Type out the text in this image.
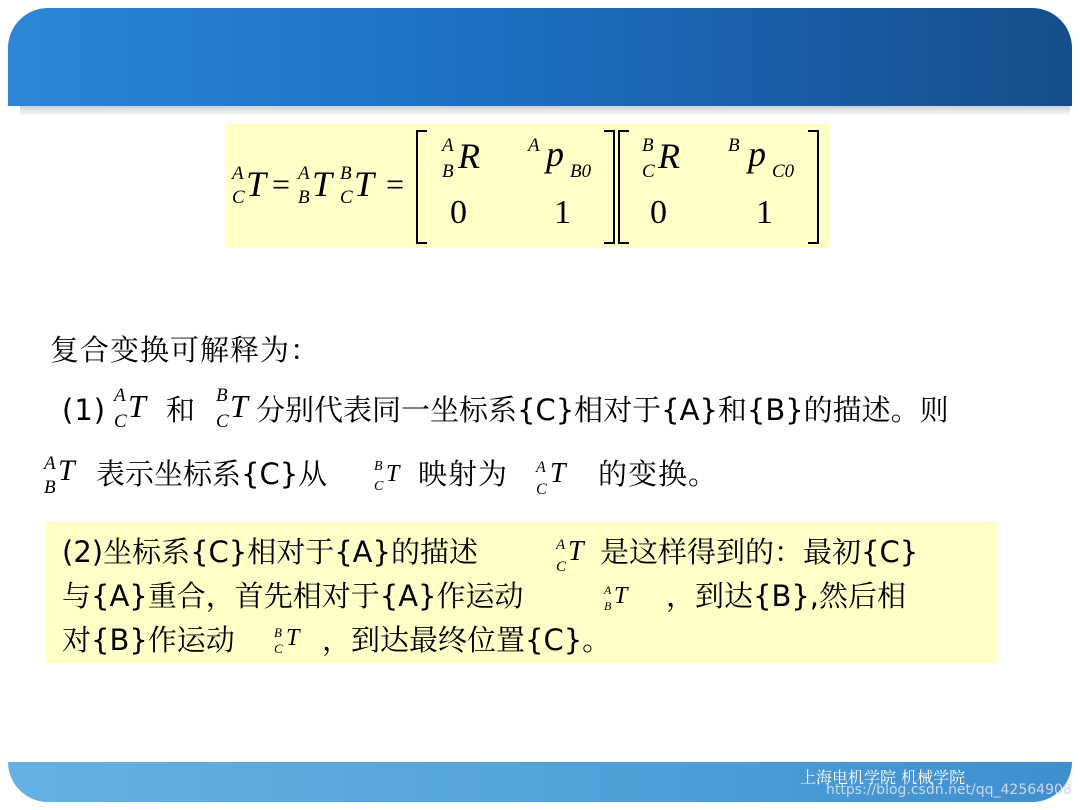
A
C T = A
B T B
C T =
A
B R	A p B0
0	1
B
C R	B p C0
0	1
复合变换可解释为：
(1) A
C T 和 B
C T 分别代表同一坐标系{C}相对于{A}和{B}的描述。则
A
B
T 表示坐标系{C}从	B
C T 映射为 A
C
T 的变换。
(2)坐标系{C}相对于{A}的描述	A
C T 是这样得到的：最初{C}
与{A}重合，首先相对于{A}作运动	A
B T ，到达{B},然后相
对{B}作运动	B
C T ，到达最终位置{C}。
上海电机学院 机械学院
https://blog.csdn.net/qq_42564908
